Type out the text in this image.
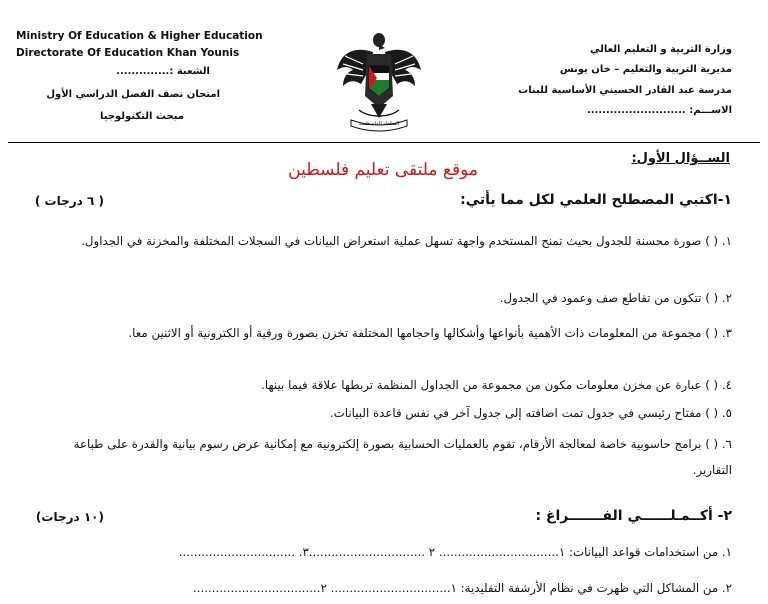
Ministry Of Education & Higher Education
Directorate Of Education Khan Younis
الشعبة :..............
امتحان نصف الفصل الدراسي الأول
مبحث التكنولوجيا
السلطة الفلسطينية
وزارة التربية و التعليم العالي
مديرية التربية والتعليم – خان يونس
مدرسة عبد القادر الحسيني الأساسية للبنات
الاســـم: ..........................
الســؤال الأول:
موقع ملتقى تعليم فلسطين
١-اكتبي المصطلح العلمي لكل مما يأتي:
( ٦ درجات )
١. ( ) صورة محسنة للجدول بحيث تمنح المستخدم واجهة تسهل عملية استعراض البيانات في السجلات المختلفة والمخزنة في الجداول.
٢. ( ) تتكون من تقاطع صف وعمود في الجدول.
٣. ( ) مجموعة من المعلومات ذات الأهمية بأنواعها وأشكالها واحجامها المختلفة تخزن بصورة ورقية أو الكترونية أو الاثنين معا.
٤. ( ) عبارة عن مخزن معلومات مكون من مجموعة من الجداول المنظمة تربطها علاقة فيما بينها.
٥. ( ) مفتاح رئيسي في جدول تمت اضافته إلى جدول آخر في نفس قاعدة البيانات.
٦. ( ) برامج حاسوبية خاصة لمعالجة الأرقام، تقوم بالعمليات الحسابية بصورة إلكترونية مع إمكانية عرض رسوم بيانية والقدرة على طباعة التقارير.
٢- أكــمـلــــــي الفـــــــراغ :
(١٠ درجات)
١. من استخدامات قواعد البيانات: ١................................ ٢ ...............................٣. ...............................
٢. من المشاكل التي ظهرت في نظام الأرشفة التقليدية: ١................................ ٢..................................
